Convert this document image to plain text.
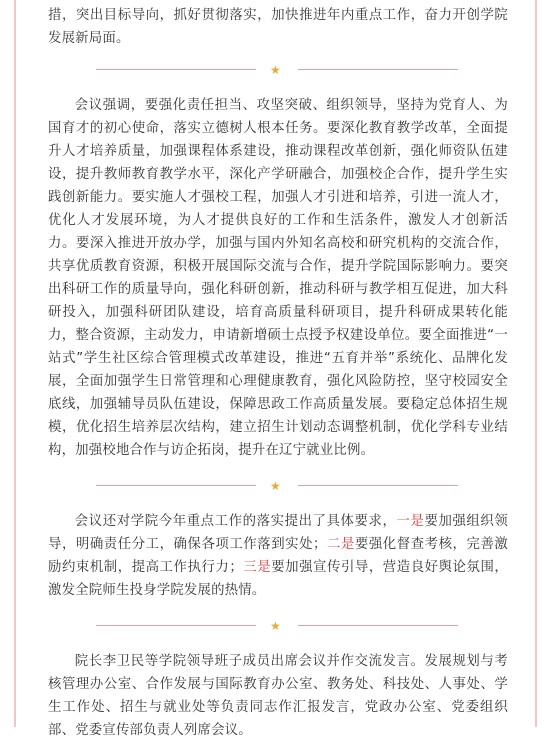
措，突出目标导向，抓好贯彻落实，加快推进年内重点工作，奋力开创学院发展新局面。

★

会议强调，要强化责任担当、攻坚突破、组织领导，坚持为党育人、为国育才的初心使命，落实立德树人根本任务。要深化教育教学改革，全面提升人才培养质量，加强课程体系建设，推动课程改革创新，强化师资队伍建设，提升教师教育教学水平，深化产学研融合，加强校企合作，提升学生实践创新能力。要实施人才强校工程，加强人才引进和培养，引进一流人才，优化人才发展环境，为人才提供良好的工作和生活条件，激发人才创新活力。要深入推进开放办学，加强与国内外知名高校和研究机构的交流合作，共享优质教育资源，积极开展国际交流与合作，提升学院国际影响力。要突出科研工作的质量导向，强化科研创新，推动科研与教学相互促进，加大科研投入，加强科研团队建设，培育高质量科研项目，提升科研成果转化能力，整合资源，主动发力，申请新增硕士点授予权建设单位。要全面推进“一站式”学生社区综合管理模式改革建设，推进“五育并举”系统化、品牌化发展，全面加强学生日常管理和心理健康教育，强化风险防控，坚守校园安全底线，加强辅导员队伍建设，保障思政工作高质量发展。要稳定总体招生规模，优化招生培养层次结构，建立招生计划动态调整机制，优化学科专业结构，加强校地合作与访企拓岗，提升在辽宁就业比例。

★

会议还对学院今年重点工作的落实提出了具体要求，一是要加强组织领导，明确责任分工，确保各项工作落到实处；二是要强化督查考核，完善激励约束机制，提高工作执行力；三是要加强宣传引导，营造良好舆论氛围，激发全院师生投身学院发展的热情。

★

院长李卫民等学院领导班子成员出席会议并作交流发言。发展规划与考核管理办公室、合作发展与国际教育办公室、教务处、科技处、人事处、学生工作处、招生与就业处等负责同志作汇报发言，党政办公室、党委组织部、党委宣传部负责人列席会议。
